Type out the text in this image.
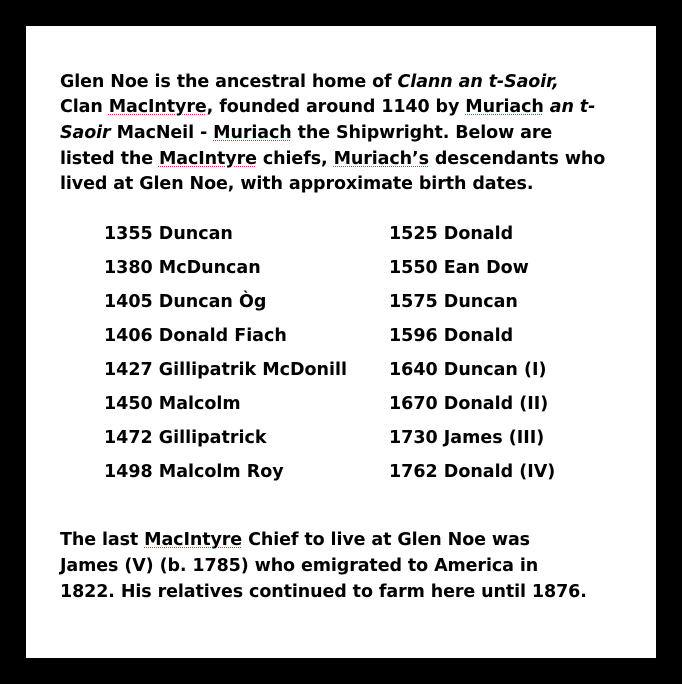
Glen Noe is the ancestral home of Clann an t-Saoir,
Clan MacIntyre, founded around 1140 by Muriach an t-
Saoir MacNeil - Muriach the Shipwright. Below are
listed the MacIntyre chiefs, Muriach’s descendants who
lived at Glen Noe, with approximate birth dates.

1355 Duncan	1525 Donald
1380 McDuncan	1550 Ean Dow
1405 Duncan Òg	1575 Duncan
1406 Donald Fiach	1596 Donald
1427 Gillipatrik McDonill	1640 Duncan (I)
1450 Malcolm	1670 Donald (II)
1472 Gillipatrick	1730 James (III)
1498 Malcolm Roy	1762 Donald (IV)

The last MacIntyre Chief to live at Glen Noe was
James (V) (b. 1785) who emigrated to America in
1822. His relatives continued to farm here until 1876.
